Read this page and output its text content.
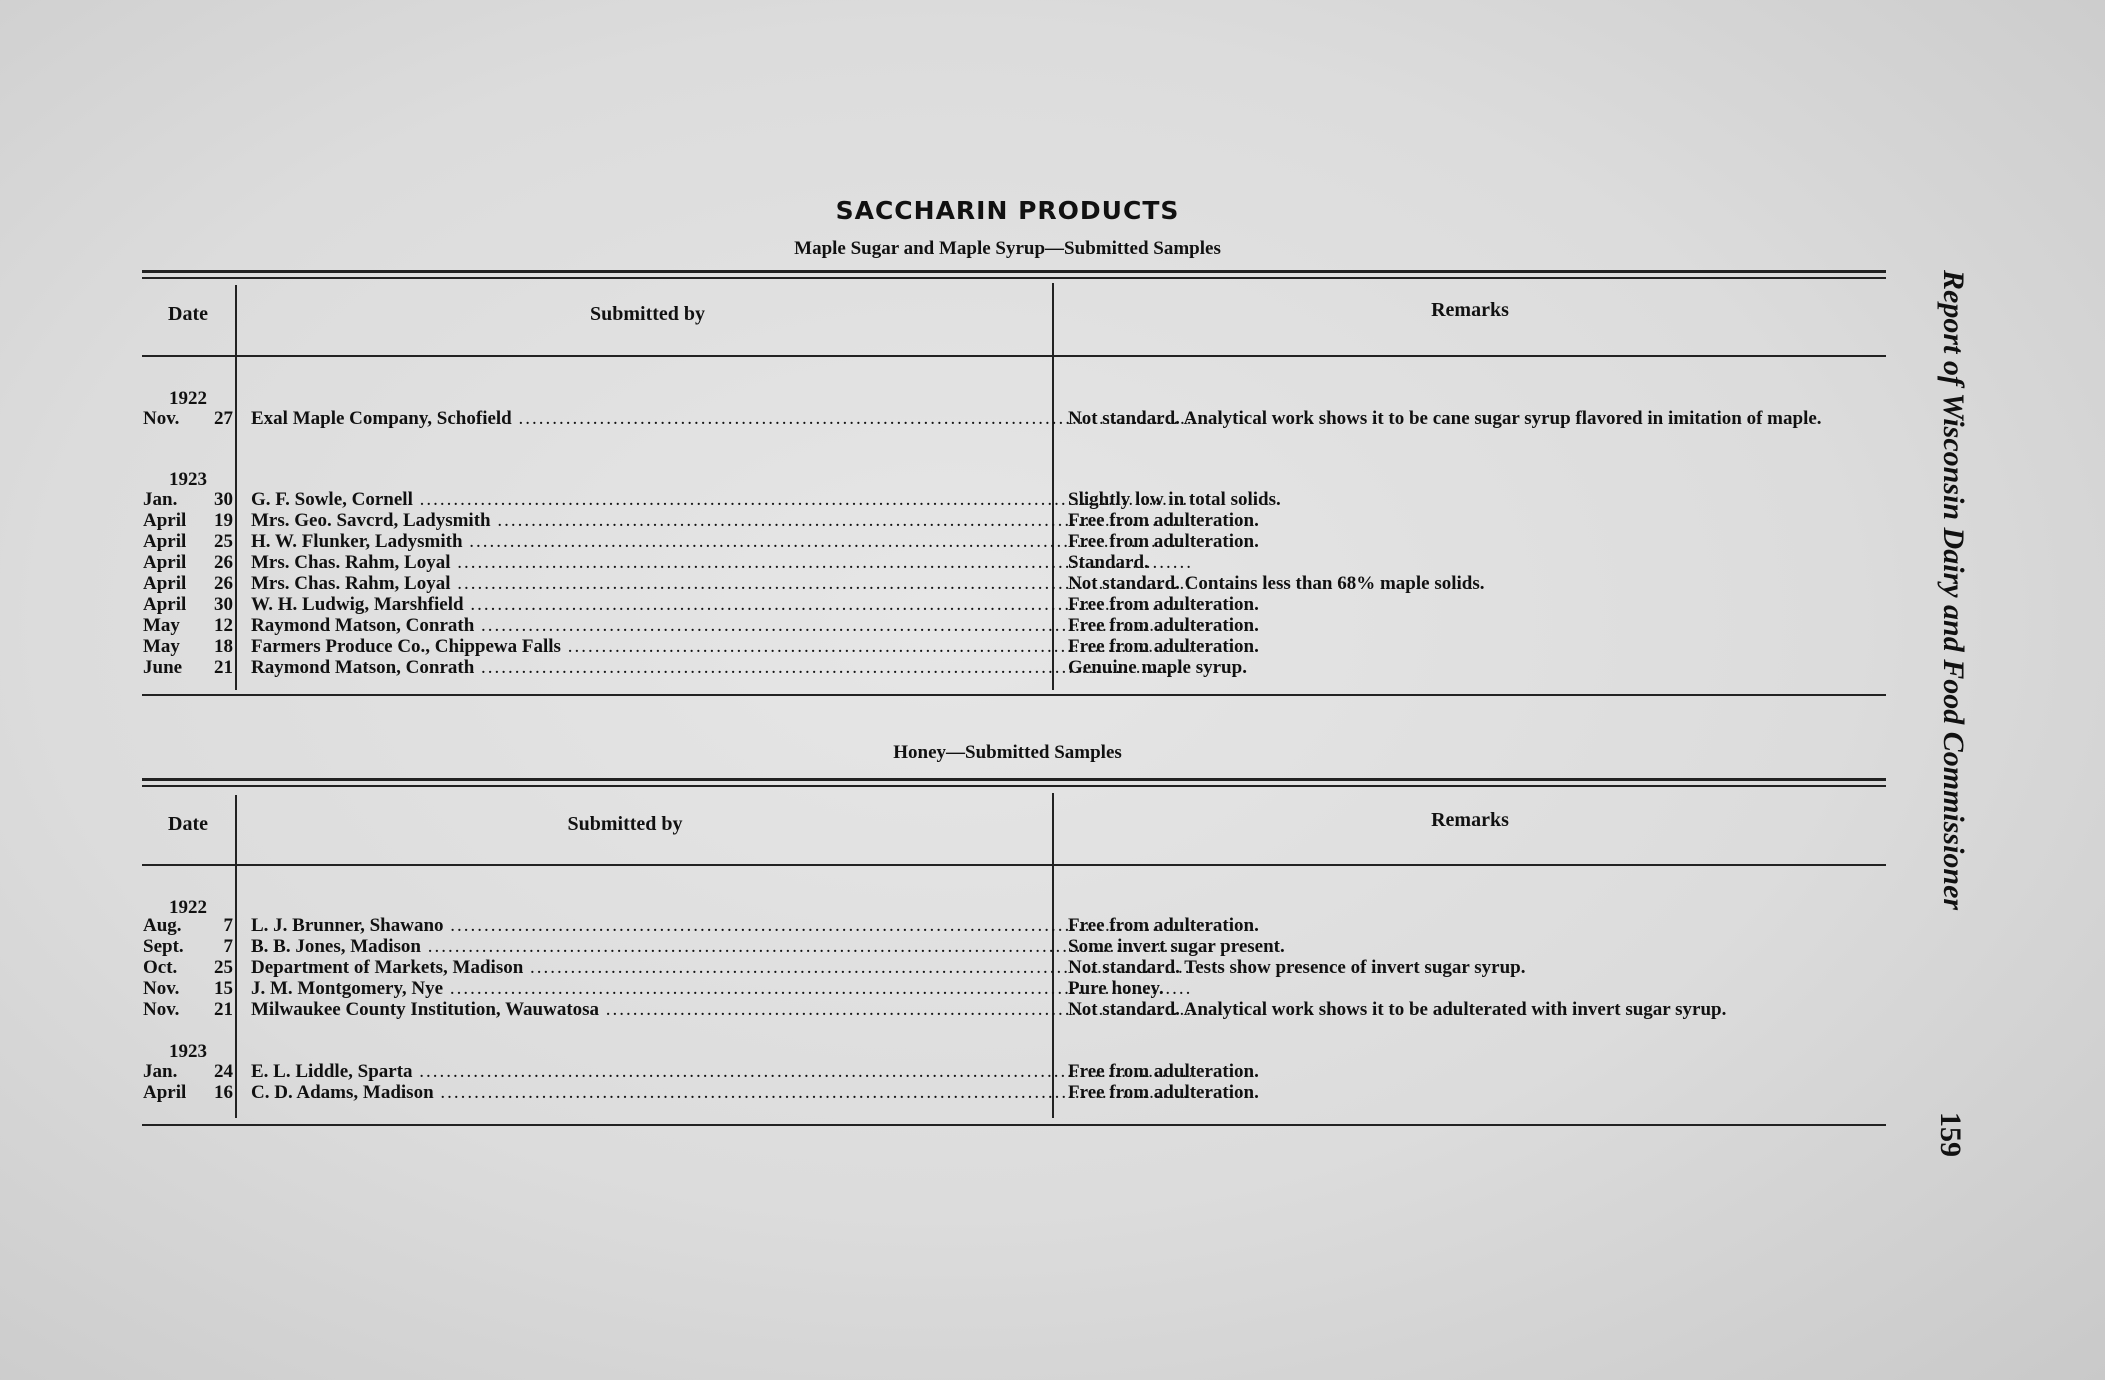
SACCHARIN PRODUCTS
Maple Sugar and Maple Syrup—Submitted Samples
Date	Submitted by	Remarks
1922
Nov. 27 Exal Maple Company, Schofield .....	Not standard. Analytical work shows it to be cane sugar syrup flavored in imitation of maple.
1923
Jan. 30 G. F. Sowle, Cornell .....	Slightly low in total solids.
April 19 Mrs. Geo. Savcrd, Ladysmith .....	Free from adulteration.
April 25 H. W. Flunker, Ladysmith .....	Free from adulteration.
April 26 Mrs. Chas. Rahm, Loyal .....	Standard.
April 26 Mrs. Chas. Rahm, Loyal .....	Not standard. Contains less than 68% maple solids.
April 30 W. H. Ludwig, Marshfield .....	Free from adulteration.
May 12 Raymond Matson, Conrath .....	Free from adulteration.
May 18 Farmers Produce Co., Chippewa Falls .....	Free from adulteration.
June 21 Raymond Matson, Conrath .....	Genuine maple syrup.
Honey—Submitted Samples
Date	Submitted by	Remarks
1922
Aug. 7 L. J. Brunner, Shawano .....	Free from adulteration.
Sept. 7 B. B. Jones, Madison .....	Some invert sugar present.
Oct. 25 Department of Markets, Madison .....	Not standard. Tests show presence of invert sugar syrup.
Nov. 15 J. M. Montgomery, Nye .....	Pure honey.
Nov. 21 Milwaukee County Institution, Wauwatosa .....	Not standard. Analytical work shows it to be adulterated with invert sugar syrup.
1923
Jan. 24 E. L. Liddle, Sparta .....	Free from adulteration.
April 16 C. D. Adams, Madison .....	Free from adulteration.
Report of Wisconsin Dairy and Food Commissioner
159
